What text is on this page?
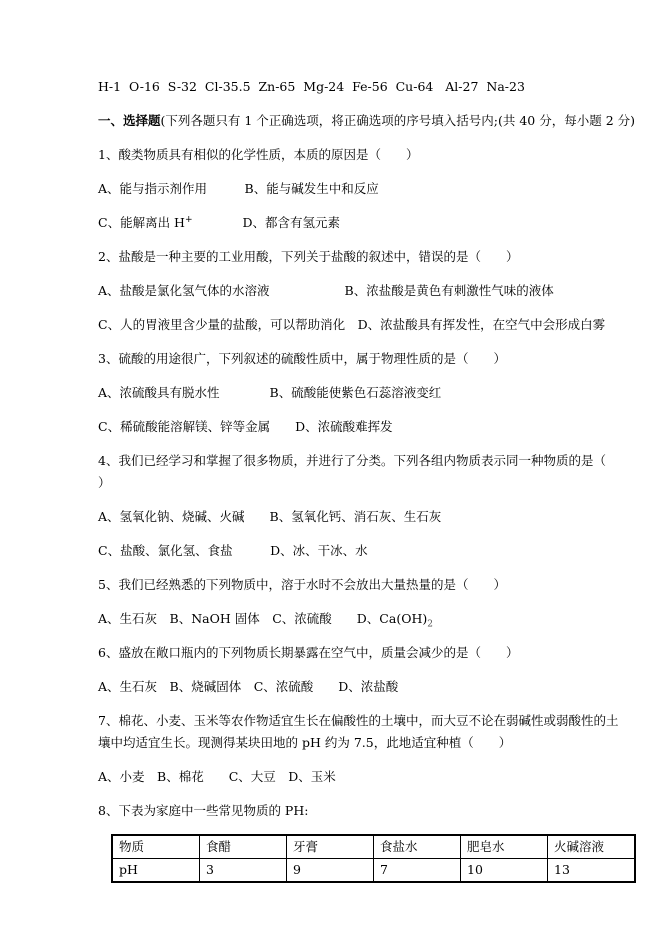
H-1  O-16  S-32  Cl-35.5  Zn-65  Mg-24  Fe-56  Cu-64   Al-27  Na-23

一、选择题(下列各题只有 1 个正确选项，将正确选项的序号填入括号内;(共 40 分，每小题 2 分)

1、酸类物质具有相似的化学性质，本质的原因是（　　）

A、能与指示剂作用　　　B、能与碱发生中和反应

C、能解离出 H+　　　　D、都含有氢元素

2、盐酸是一种主要的工业用酸，下列关于盐酸的叙述中，错误的是（　　）

A、盐酸是氯化氢气体的水溶液　　　　　　B、浓盐酸是黄色有刺激性气味的液体

C、人的胃液里含少量的盐酸，可以帮助消化　D、浓盐酸具有挥发性，在空气中会形成白雾

3、硫酸的用途很广，下列叙述的硫酸性质中，属于物理性质的是（　　）

A、浓硫酸具有脱水性　　　　B、硫酸能使紫色石蕊溶液变红

C、稀硫酸能溶解镁、锌等金属　　D、浓硫酸难挥发

4、我们已经学习和掌握了很多物质，并进行了分类。下列各组内物质表示同一种物质的是（　　）

A、氢氧化钠、烧碱、火碱　　B、氢氧化钙、消石灰、生石灰

C、盐酸、氯化氢、食盐　　　D、冰、干冰、水

5、我们已经熟悉的下列物质中，溶于水时不会放出大量热量的是（　　）

A、生石灰　B、NaOH 固体　C、浓硫酸　　D、$Ca(OH)_2$

6、盛放在敞口瓶内的下列物质长期暴露在空气中，质量会减少的是（　　）

A、生石灰　B、烧碱固体　C、浓硫酸　　D、浓盐酸

7、棉花、小麦、玉米等农作物适宜生长在偏酸性的土壤中，而大豆不论在弱碱性或弱酸性的土壤中均适宜生长。现测得某块田地的 pH 约为 7.5，此地适宜种植（　　）

A、小麦　B、棉花　　C、大豆　D、玉米

8、下表为家庭中一些常见物质的 PH:

物质	食醋	牙膏	食盐水	肥皂水	火碱溶液
pH	3	9	7	10	13
